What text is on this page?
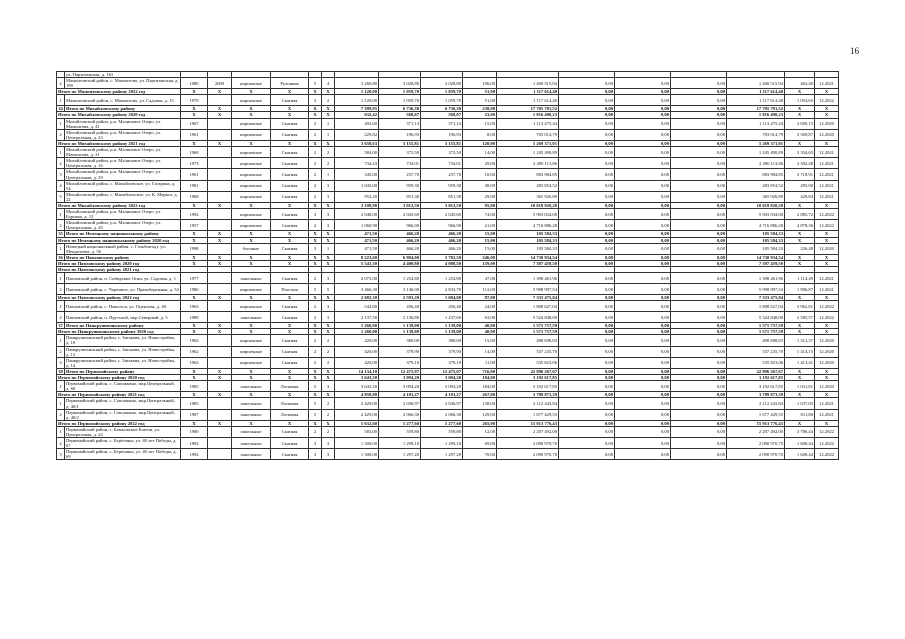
16
	ул. Партизанская, д. 161																	
2	Мамонтовский район, с. Мамонтово, ул. Партизанская, д. 190	1980	2009	кирпичные	Рулонная	5	4	3 260,80	3 028,80	3 028,80	106,00	1 400 515,94	0,00	0,00	0,00	1 400 515,94	462,40	12.2021
Итого по Мамонтовскому району 2022 год		X	X	X	X	X	X	1 120,00	1 059,70	1 059,70	51,00	1 117 614,40	0,00	0,00	0,00	1 117 614,40	X	X
1	Мамонтовский район, с. Мамонтово, ул. Садовая, д. 15	1979		кирпичные	Скатная	3	2	1 120,00	1 059,70	1 059,70	51,00	1 117 614,40	0,00	0,00	0,00	1 117 614,40	1 054,65	12.2022
34	Итого по Михайловскому району	X	X	X	X	X	X	7 399,95	6 736,38	6 736,38	238,00	17 705 781,52	0,00	0,00	0,00	17 705 781,52	X	X
Итого по Михайловскому району 2020 год		X	X	X	X	X	X	632,42	568,07	568,07	23,00	1 816 490,23	0,00	0,00	0,00	1 816 490,23	X	X
1	Михайловский район, р.п. Малиновое Озеро, ул. Мамонтова, д. 41	1967		кирпичные	Скатная	2	1	402,60	371,14	371,14	15,00	1 113 475,44	0,00	0,00	0,00	1 113 475,44	3 000,15	12.2020
2	Михайловский район, р.п. Малиновое Озеро, ул. Центральная, д. 23	1961		кирпичные	Скатная	2	1	229,82	196,93	196,93	8,00	703 014,79	0,00	0,00	0,00	703 014,79	3 569,87	12.2020
Итого по Михайловскому району 2021 год		X	X	X	X	X	X	3 658,63	3 155,81	3 155,81	120,00	5 269 371,01	0,00	0,00	0,00	5 269 371,01	X	X
1	Михайловский район, р.п. Малиновое Озеро, ул. Мамонтова, д. 31	1968		кирпичные	Скатная	2	2	584,00	373,50	373,50	14,00	1 245 490,89	0,00	0,00	0,00	1 245 490,89	3 334,65	12.2021
2	Михайловский район, р.п. Малиновое Озеро, ул. Центральная, д. 16	1973		кирпичные	Скатная	2	2	734,43	734,01	734,01	29,00	2 490 113,86	0,00	0,00	0,00	2 490 113,86	3 392,48	12.2021
3	Михайловский район, р.п. Малиновое Озеро, ул. Центральная, д. 29	1961		кирпичные	Скатная	2	1	345,00	237,70	237,70	10,00	883 984,85	0,00	0,00	0,00	883 984,85	3 718,91	12.2021
4	Михайловский район, с. Михайловское, ул. Гагарина, д. 54	1981		кирпичные	Скатная	2	3	1 043,00	959,30	959,30	38,00	283 854,52	0,00	0,00	0,00	283 854,52	295,90	12.2021
5	Михайловский район, с. Михайловское, ул. К. Маркса, д. 22	1968		кирпичные	Скатная	2	3	952,20	851,30	851,30	29,00	365 926,89	0,00	0,00	0,00	365 926,89	429,84	12.2021
Итого по Михайловскому району 2022 год		X	X	X	X	X	X	3 108,90	3 012,50	3 012,50	95,00	10 619 920,28	0,00	0,00	0,00	10 619 920,28	X	X
1	Михайловский район, р.п. Малиновое Озеро, ул. Боровая, д. 12	1992		кирпичные	Скатная	3	3	2 048,00	2 045,60	2 045,60	74,00	5 903 034,00	0,00	0,00	0,00	5 903 034,00	2 885,72	12.2022
2	Михайловский район, р.п. Малиновое Озеро, ул. Центральная, д. 20	1957		кирпичные	Скатная	2	3	1 060,90	966,90	966,90	21,00	4 716 886,28	0,00	0,00	0,00	4 716 886,28	4 878,36	12.2022
35	Итого по Немецкому национальному району	X	X	X	X	X	X	471,50	466,20	466,20	15,00	105 584,33	0,00	0,00	0,00	105 584,33	X	X
Итого по Немецкому национальному району 2020 год		X	X	X	X	X	X	471,50	466,20	466,20	15,00	105 584,33	0,00	0,00	0,00	105 584,33	X	X
1	Немецкий национальный район, с. Гальбштадт, ул. Менделеева, д. 56	1998		блочные	Скатная	3	1	471,50	466,20	466,20	15,00	105 584,33	0,00	0,00	0,00	105 584,33	226,48	12.2020
36	Итого по Павловскому району	X	X	X	X	X	X	8 223,60	6 994,00	5 782,50	246,00	14 730 934,54	0,00	0,00	0,00	14 730 934,54	X	X
Итого по Павловскому району 2020 год		X	X	X	X	X	X	5 541,30	4 400,80	4 088,50	159,00	7 397 459,50	0,00	0,00	0,00	7 397 459,50	X	X
Итого по Павловскому району 2021 год																		
1	Павловский район, п. Сибирские Огни, ул. Садовая, д. 1	1977		панельные	Скатная	2	3	2 075,00	1 254,80	1 254,80	47,00	1 398 461,96	0,00	0,00	0,00	1 398 461,96	1 114,49	12.2021
2	Павловский район, с. Черемное, ул. Правобережная, д. 52	1986		кирпичные	Плоская	5	5	3 466,30	3 146,00	2 833,70	112,00	5 998 997,54	0,00	0,00	0,00	5 998 997,54	1 906,87	12.2021
Итого по Павловскому району 2022 год		X	X	X	X	X	X	2 682,30	2 593,20	1 694,00	87,00	7 333 475,04	0,00	0,00	0,00	7 333 475,04	X	X
1	Павловский район, с. Павлоsск, ул. Оцентова, д. 40	1963		кирпичные	Скатная	2	3	544,80	456,40	456,40	24,00	1 808 627,04	0,00	0,00	0,00	1 808 627,04	3 962,81	12.2022
2	Павловский район, п. Прутской, мкр.Северный, д. 5	1988		панельные	Скатная	2	3	2 137,50	2 136,80	1 237,60	63,00	5 524 848,00	0,00	0,00	0,00	5 524 848,00	2 585,57	12.2022
37	Итого по Панкрушихинскому району	X	X	X	X	X	X	1 260,00	1 139,00	1 139,00	40,00	1 571 757,59	0,00	0,00	0,00	1 571 757,59	X	X
Итого по Панкрушихинскому району 2020 год		X	X	X	X	X	X	1 260,00	1 139,00	1 139,00	40,00	1 571 757,59	0,00	0,00	0,00	1 571 757,59	X	X
1	Панкрушихинский район, с. Зятькова, ул. Новостройка, д. 10	1962		кирпичные	Скатная	2	2	420,00	380,00	380,00	15,00	498 698,83	0,00	0,00	0,00	498 698,83	1 312,37	12.2020
2	Панкрушихинский район, с. Зятькова, ул. Новостройка, д. 12	1962		кирпичные	Скатная	2	2	420,00	379,90	379,90	14,00	537 235,70	0,00	0,00	0,00	537 235,70	1 414,15	12.2020
3	Панкрушихинский район, с. Зятькова, ул. Новостройка, д. 14	1962		кирпичные	Скатная	2	2	420,00	379,10	379,10	11,00	535 823,06	0,00	0,00	0,00	535 823,06	1 413,41	12.2020
38	Итого по Первомайскому району	X	X	X	X	X	X	14 134,10	12 475,07	12 475,07	716,00	22 896 267,67	0,00	0,00	0,00	22 896 267,67	X	X
Итого по Первомайскому району 2020 год		X	X	X	X	X	X	3 643,50	3 094,20	3 094,20	184,00	3 192 617,85	0,00	0,00	0,00	3 192 617,85	X	X
1	Первомайский район, с. Сапожкино, мкр.Центральный, д. 60	1985		панельные	Лотковая	5	3	3 643,50	3 094,20	3 094,20	184,00	3 192 617,85	0,00	0,00	0,00	3 192 617,85	1 031,81	12.2020
Итого по Первомайскому району 2021 год		X	X	X	X	X	X	4 858,00	4 103,27	4 103,27	267,00	3 789 873,39	0,00	0,00	0,00	3 789 873,39	X	X
1	Первомайский район, с. Сапожкино, мкр.Центральный, д. 40/1	1985		панельные	Лотковая	5	2	2 429,00	2 036,97	2 036,97	138,00	2 112 443,84	0,00	0,00	0,00	2 112 443,84	1 037,05	12.2021
2	Первомайский район, с. Сапожкино, мкр.Центральный, д. 40/2	1987		панельные	Лотковая	5	2	2 429,00	2 066,30	2 066,30	129,00	1 677 429,55	0,00	0,00	0,00	1 677 429,55	811,80	12.2021
Итого по Первомайскому району 2022 год		X	X	X	X	X	X	5 632,60	5 277,60	5 277,60	265,00	15 913 776,43	0,00	0,00	0,00	15 913 776,43	X	X
1	Первомайский район, с. Баюновские Ключи, ул. Центральная, д. 22	1980		панельные	Скатная	2	2	583,00	559,80	559,80	12,00	2 207 492,00	0,00	0,00	0,00	2 207 492,00	3 786,44	12.2022
2	Первомайский район, с. Берёзовка, ул. 40 лет Победы, д. 67	1992		панельные	Скатная	3	3	1 300,00	1 299,10	1 299,10	69,00	2 090 970,70	0,00	0,00	0,00	2 090 970,70	1 608,44	12.2022
3	Первомайский район, с. Берёзовка, ул. 40 лет Победы, д. 69	1992		панельные	Скатная	3	3	1 300,00	1 297,20	1 297,20	70,00	2 090 970,70	0,00	0,00	0,00	2 090 970,70	1 608,44	12.2022
